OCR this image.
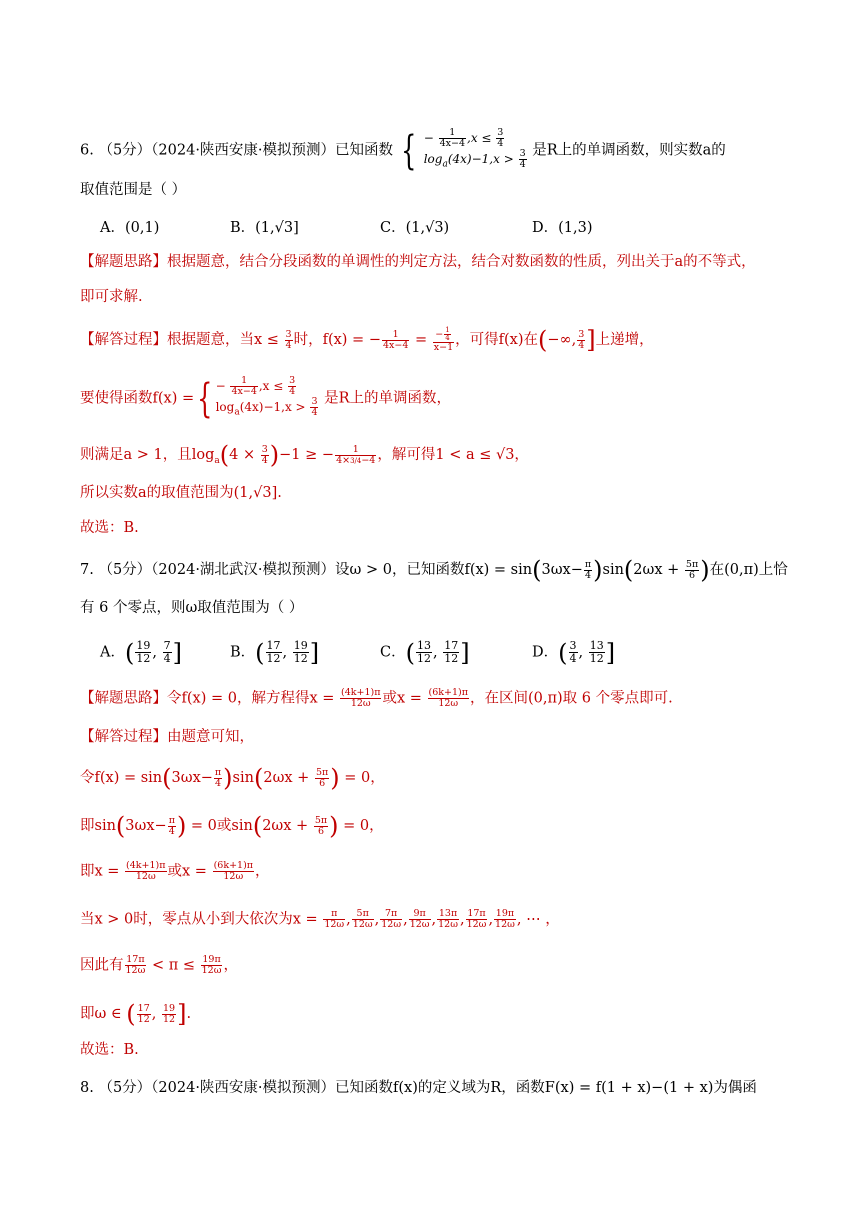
6. （5分）（2024·陕西安康·模拟预测）已知函数 { − $\frac{1}{4x-4} ,x \le \frac{3}{4}$
$\log_a(4x)-1,x > \frac{3}{4}$ 是R上的单调函数，则实数a的
取值范围是（ ）
A．(0,1)	B．(1,√3]	C．(1,√3)	D．(1,3)
【解题思路】根据题意，结合分段函数的单调性的判定方法，结合对数函数的性质，列出关于a的不等式，
即可求解.
【解答过程】根据题意，当$x \le \frac{3}{4}$ 时，f(x) = − $\frac{1}{4x-4} = \frac{- \frac{1}{4}}{x-1}$ ，可得f(x)在(−∞, $\frac{3}{4}$ ]上递增，
要使得函数f(x) ={ − $\frac{1}{4x-4} ,x \le \frac{3}{4}$
$\log_a(4x)-1,x > \frac{3}{4}$ 是R上的单调函数，
则满足a > 1，且$\log_a(4 \times \frac{3}{4} )-1$ ≥ − $\frac{1}{4\times 3/4-4}$ ，解可得1 < a ≤ √3，
所以实数a的取值范围为(1,√3].
故选：B.
7. （5分）（2024·湖北武汉·模拟预测）设ω > 0，已知函数$f(x) = \sin(3\omega x- \frac{\pi}{4} )\sin(2\omega x + \frac{5\pi}{6}$ )在(0,π)上恰
有 6 个零点，则ω取值范围为（ ）
A．( $\frac{19}{12}$ , $\frac{7}{4}$ ]	B．( $\frac{17}{12}$ , $\frac{19}{12}$ ]	C．( $\frac{13}{12}$ , $\frac{17}{12}$ ]	D．( $\frac{3}{4}$ , $\frac{13}{12}$ ]
【解题思路】令f(x) = 0，解方程得$x = \frac{(4k+1)\pi}{12\omega}$ 或$x = \frac{(6k+1)\pi}{12\omega}$ ，在区间(0,π)取 6 个零点即可.
【解答过程】由题意可知，
令$f(x) = \sin(3\omega x- \frac{\pi}{4} )\sin(2\omega x + \frac{5\pi}{6}$ ) = 0，
即$\sin(3\omega x- \frac{\pi}{4}$ ) = 0或$\sin(2\omega x + \frac{5\pi}{6}$ ) = 0，
即$x = \frac{(4k+1)\pi}{12\omega}$ 或$x = \frac{(6k+1)\pi}{12\omega}$ ，
当x > 0时，零点从小到大依次为$x = \frac{\pi}{12\omega}$ , $\frac{5\pi}{12\omega}$ , $\frac{7\pi}{12\omega}$ , $\frac{9\pi}{12\omega}$ , $\frac{13\pi}{12\omega}$ , $\frac{17\pi}{12\omega}$ , $\frac{19\pi}{12\omega}$ , ⋯ ，
因此有 $\frac{17\pi}{12\omega} < \pi \le \frac{19\pi}{12\omega}$ ，
即ω ∈ ( $\frac{17}{12}$ , $\frac{19}{12}$ ].
故选：B.
8. （5分）（2024·陕西安康·模拟预测）已知函数f(x)的定义域为R，函数F(x) = f(1 + x)−(1 + x)为偶函
